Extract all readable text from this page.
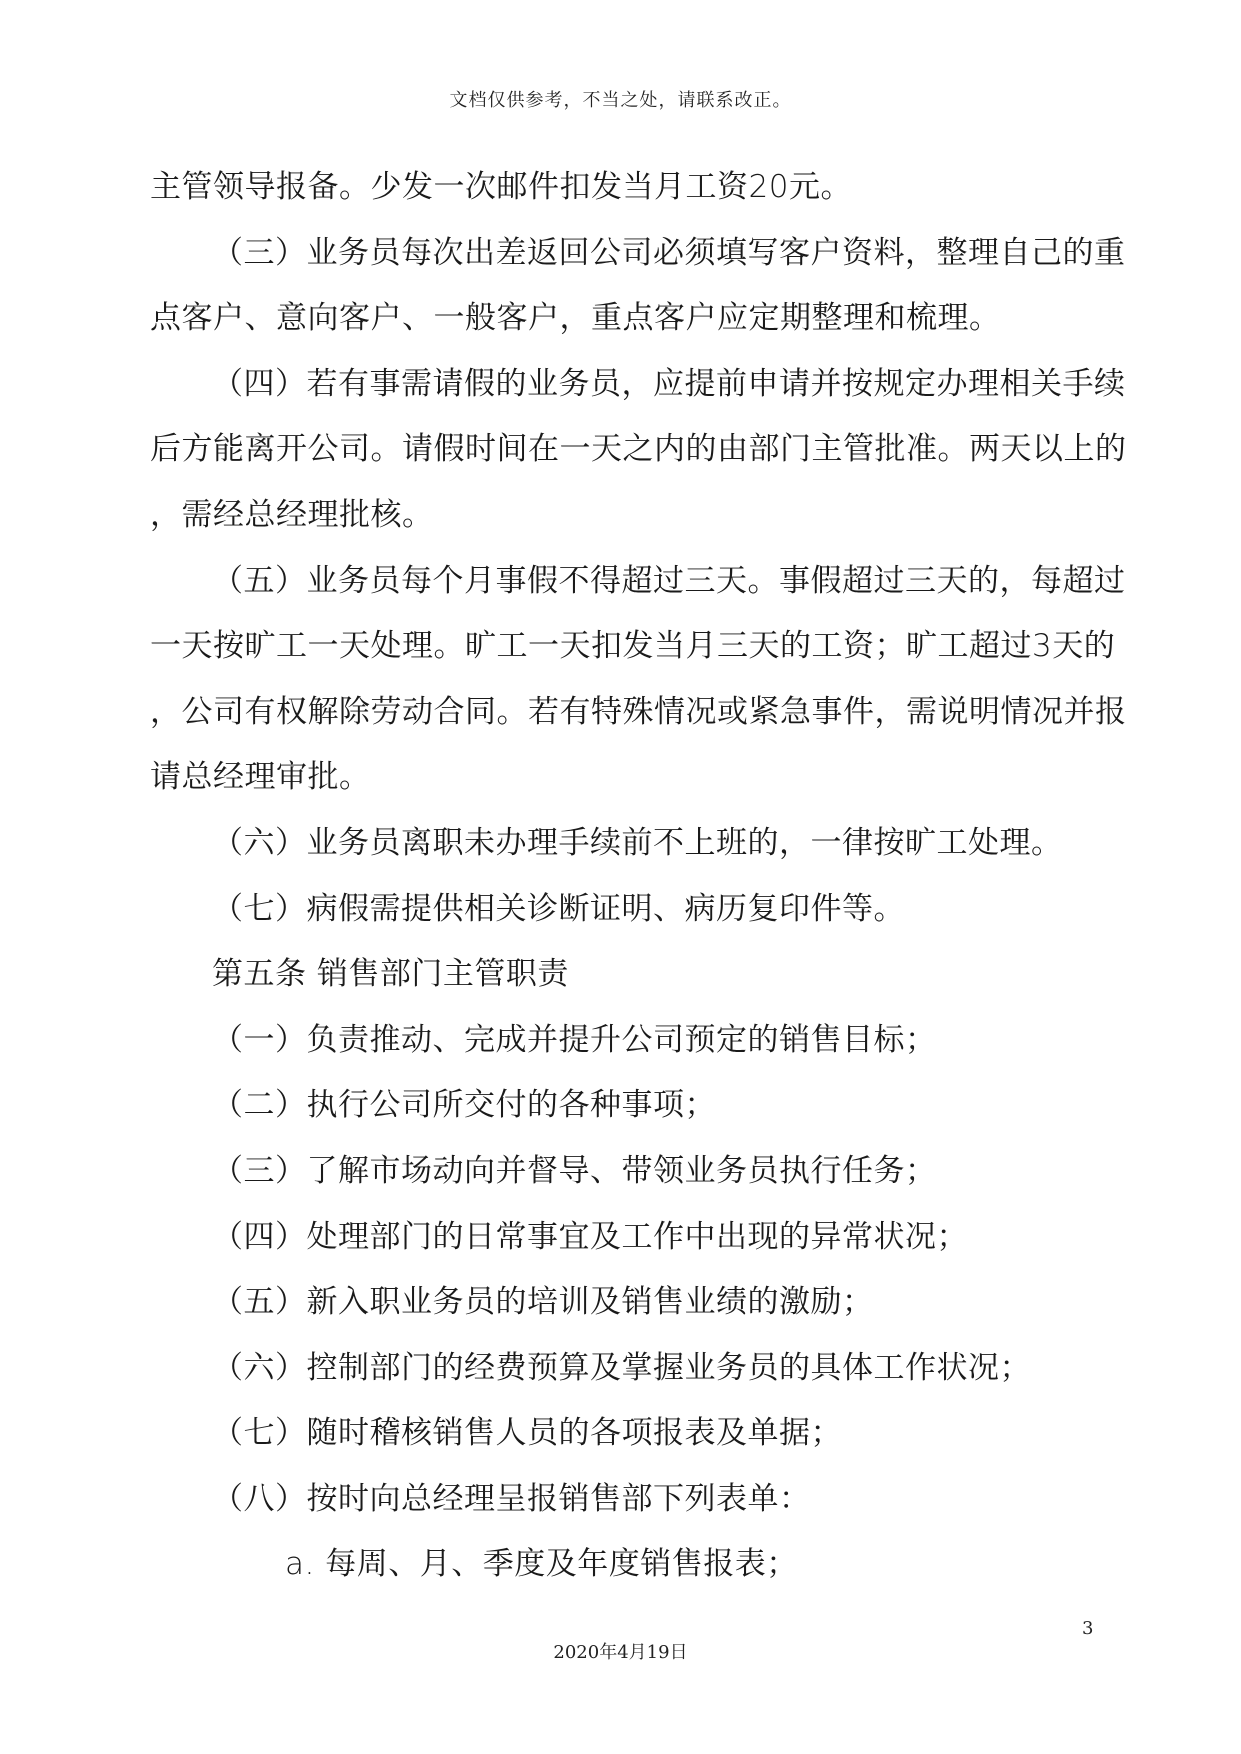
文档仅供参考，不当之处，请联系改正。
主管领导报备。少发一次邮件扣发当月工资20元。
（三）业务员每次出差返回公司必须填写客户资料，整理自己的重
点客户、意向客户、一般客户，重点客户应定期整理和梳理。
（四）若有事需请假的业务员，应提前申请并按规定办理相关手续
后方能离开公司。请假时间在一天之内的由部门主管批准。两天以上的
，需经总经理批核。
（五）业务员每个月事假不得超过三天。事假超过三天的，每超过
一天按旷工一天处理。旷工一天扣发当月三天的工资；旷工超过3天的
，公司有权解除劳动合同。若有特殊情况或紧急事件，需说明情况并报
请总经理审批。
（六）业务员离职未办理手续前不上班的，一律按旷工处理。
（七）病假需提供相关诊断证明、病历复印件等。
第五条 销售部门主管职责
（一）负责推动、完成并提升公司预定的销售目标；
（二）执行公司所交付的各种事项；
（三）了解市场动向并督导、带领业务员执行任务；
（四）处理部门的日常事宜及工作中出现的异常状况；
（五）新入职业务员的培训及销售业绩的激励；
（六）控制部门的经费预算及掌握业务员的具体工作状况；
（七）随时稽核销售人员的各项报表及单据；
（八）按时向总经理呈报销售部下列表单：
a. 每周、月、季度及年度销售报表；
3
2020年4月19日
